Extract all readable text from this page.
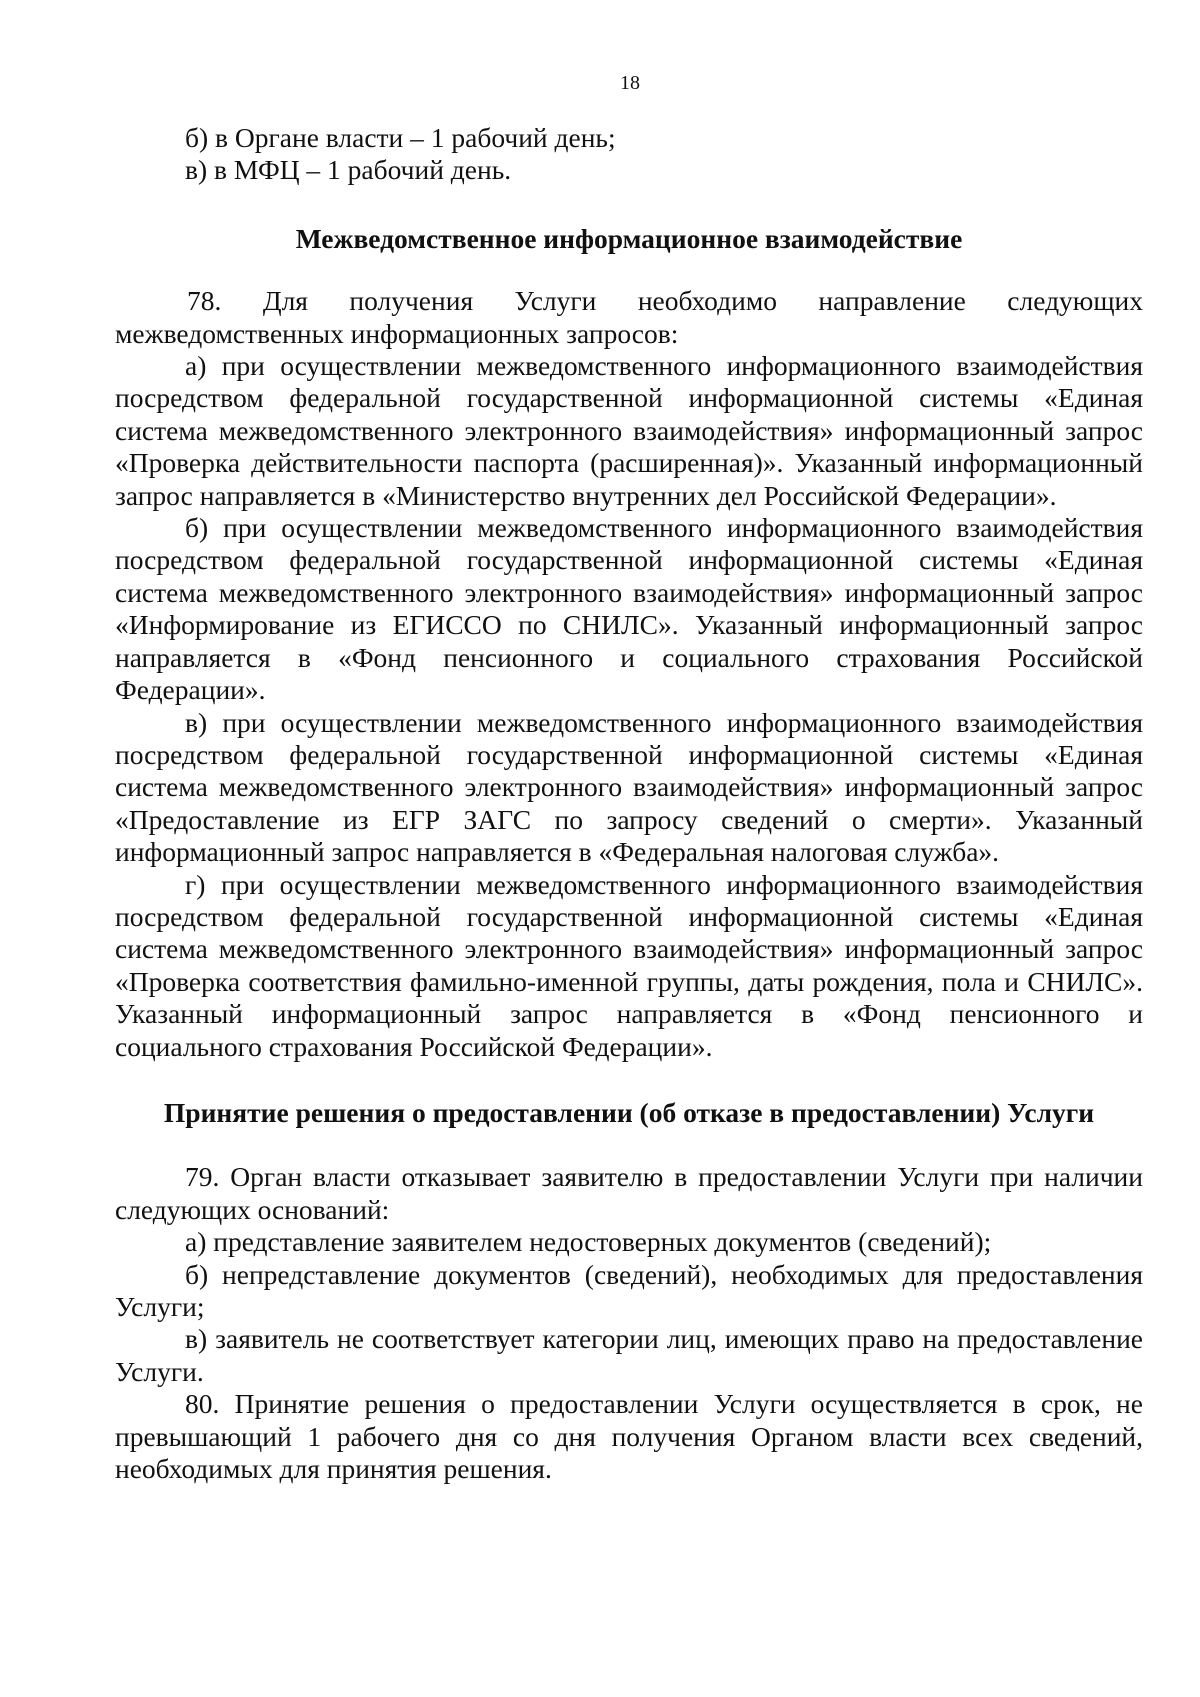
18

б) в Органе власти – 1 рабочий день;

в) в МФЦ – 1 рабочий день.

Межведомственное информационное взаимодействие

78. Для получения Услуги необходимо направление следующих межведомственных информационных запросов:

а) при осуществлении межведомственного информационного взаимодействия посредством федеральной государственной информационной системы «Единая система межведомственного электронного взаимодействия» информационный запрос «Проверка действительности паспорта (расширенная)». Указанный информационный запрос направляется в «Министерство внутренних дел Российской Федерации».

б) при осуществлении межведомственного информационного взаимодействия посредством федеральной государственной информационной системы «Единая система межведомственного электронного взаимодействия» информационный запрос «Информирование из ЕГИССО по СНИЛС». Указанный информационный запрос направляется в «Фонд пенсионного и социального страхования Российской Федерации».

в) при осуществлении межведомственного информационного взаимодействия посредством федеральной государственной информационной системы «Единая система межведомственного электронного взаимодействия» информационный запрос «Предоставление из ЕГР ЗАГС по запросу сведений о смерти». Указанный информационный запрос направляется в «Федеральная налоговая служба».

г) при осуществлении межведомственного информационного взаимодействия посредством федеральной государственной информационной системы «Единая система межведомственного электронного взаимодействия» информационный запрос «Проверка соответствия фамильно-именной группы, даты рождения, пола и СНИЛС». Указанный информационный запрос направляется в «Фонд пенсионного и социального страхования Российской Федерации».

Принятие решения о предоставлении (об отказе в предоставлении) Услуги

79. Орган власти отказывает заявителю в предоставлении Услуги при наличии следующих оснований:

а) представление заявителем недостоверных документов (сведений);

б) непредставление документов (сведений), необходимых для предоставления Услуги;

в) заявитель не соответствует категории лиц, имеющих право на предоставление Услуги.

80. Принятие решения о предоставлении Услуги осуществляется в срок, не превышающий 1 рабочего дня со дня получения Органом власти всех сведений, необходимых для принятия решения.
